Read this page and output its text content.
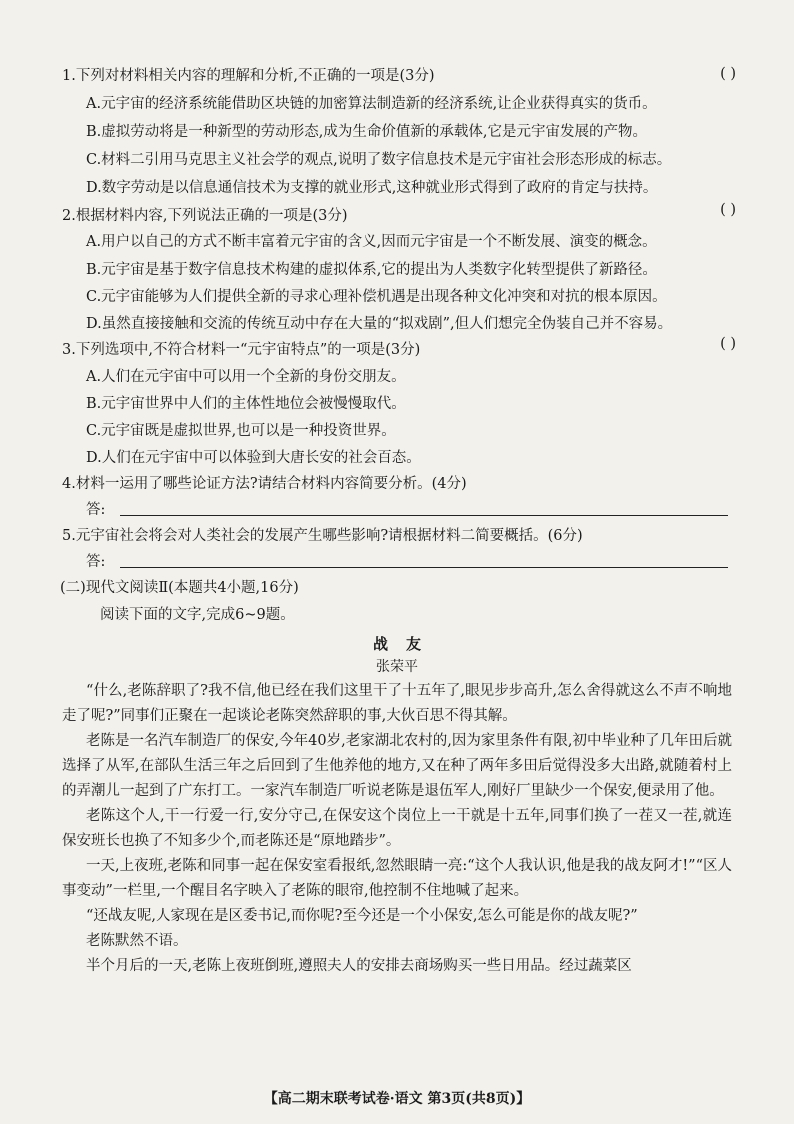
1.下列对材料相关内容的理解和分析,不正确的一项是(3分)	( )
A.元宇宙的经济系统能借助区块链的加密算法制造新的经济系统,让企业获得真实的货币。
B.虚拟劳动将是一种新型的劳动形态,成为生命价值新的承载体,它是元宇宙发展的产物。
C.材料二引用马克思主义社会学的观点,说明了数字信息技术是元宇宙社会形态形成的标志。
D.数字劳动是以信息通信技术为支撑的就业形式,这种就业形式得到了政府的肯定与扶持。
2.根据材料内容,下列说法正确的一项是(3分)	( )
A.用户以自己的方式不断丰富着元宇宙的含义,因而元宇宙是一个不断发展、演变的概念。
B.元宇宙是基于数字信息技术构建的虚拟体系,它的提出为人类数字化转型提供了新路径。
C.元宇宙能够为人们提供全新的寻求心理补偿机遇是出现各种文化冲突和对抗的根本原因。
D.虽然直接接触和交流的传统互动中存在大量的“拟戏剧”,但人们想完全伪装自己并不容易。
3.下列选项中,不符合材料一“元宇宙特点”的一项是(3分)	( )
A.人们在元宇宙中可以用一个全新的身份交朋友。
B.元宇宙世界中人们的主体性地位会被慢慢取代。
C.元宇宙既是虚拟世界,也可以是一种投资世界。
D.人们在元宇宙中可以体验到大唐长安的社会百态。
4.材料一运用了哪些论证方法?请结合材料内容简要分析。(4分)
答:
5.元宇宙社会将会对人类社会的发展产生哪些影响?请根据材料二简要概括。(6分)
答:
(二)现代文阅读Ⅱ(本题共4小题,16分)
阅读下面的文字,完成6~9题。
战友
张荣平

“什么,老陈辞职了?我不信,他已经在我们这里干了十五年了,眼见步步高升,怎么舍得就这么不声不响地走了呢?”同事们正聚在一起谈论老陈突然辞职的事,大伙百思不得其解。

老陈是一名汽车制造厂的保安,今年40岁,老家湖北农村的,因为家里条件有限,初中毕业种了几年田后就选择了从军,在部队生活三年之后回到了生他养他的地方,又在种了两年多田后觉得没多大出路,就随着村上的弄潮儿一起到了广东打工。一家汽车制造厂听说老陈是退伍军人,刚好厂里缺少一个保安,便录用了他。

老陈这个人,干一行爱一行,安分守己,在保安这个岗位上一干就是十五年,同事们换了一茬又一茬,就连保安班长也换了不知多少个,而老陈还是“原地踏步”。

一天,上夜班,老陈和同事一起在保安室看报纸,忽然眼睛一亮:“这个人我认识,他是我的战友阿才!”“区人事变动”一栏里,一个醒目名字映入了老陈的眼帘,他控制不住地喊了起来。

“还战友呢,人家现在是区委书记,而你呢?至今还是一个小保安,怎么可能是你的战友呢?”

老陈默然不语。

半个月后的一天,老陈上夜班倒班,遵照夫人的安排去商场购买一些日用品。经过蔬菜区

【高二期末联考试卷·语文 第3页(共8页)】
